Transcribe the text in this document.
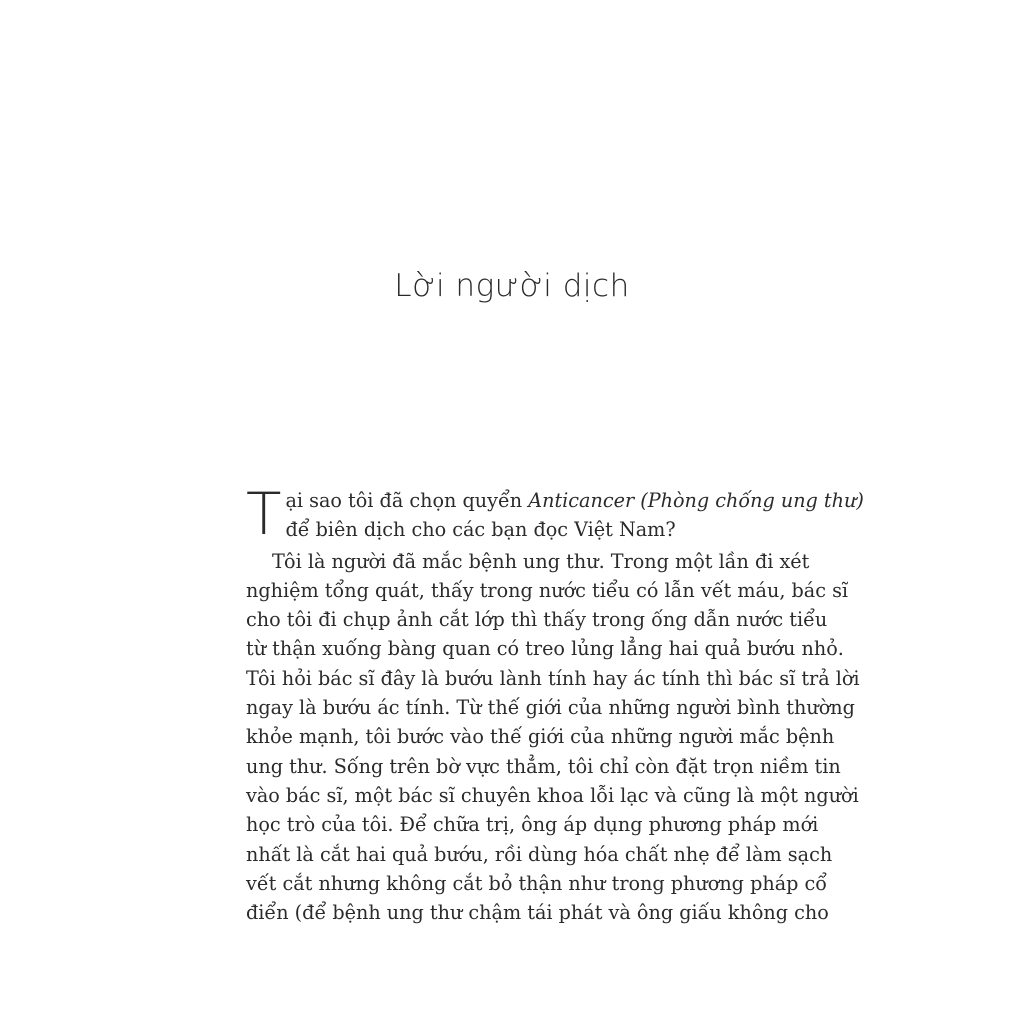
Lời người dịch
T ại sao tôi đã chọn quyển Anticancer (Phòng chống ung thư)
để biên dịch cho các bạn đọc Việt Nam?
Tôi là người đã mắc bệnh ung thư. Trong một lần đi xét
nghiệm tổng quát, thấy trong nước tiểu có lẫn vết máu, bác sĩ
cho tôi đi chụp ảnh cắt lớp thì thấy trong ống dẫn nước tiểu
từ thận xuống bàng quan có treo lủng lẳng hai quả bướu nhỏ.
Tôi hỏi bác sĩ đây là bướu lành tính hay ác tính thì bác sĩ trả lời
ngay là bướu ác tính. Từ thế giới của những người bình thường
khỏe mạnh, tôi bước vào thế giới của những người mắc bệnh
ung thư. Sống trên bờ vực thẳm, tôi chỉ còn đặt trọn niềm tin
vào bác sĩ, một bác sĩ chuyên khoa lỗi lạc và cũng là một người
học trò của tôi. Để chữa trị, ông áp dụng phương pháp mới
nhất là cắt hai quả bướu, rồi dùng hóa chất nhẹ để làm sạch
vết cắt nhưng không cắt bỏ thận như trong phương pháp cổ
điển (để bệnh ung thư chậm tái phát và ông giấu không cho
